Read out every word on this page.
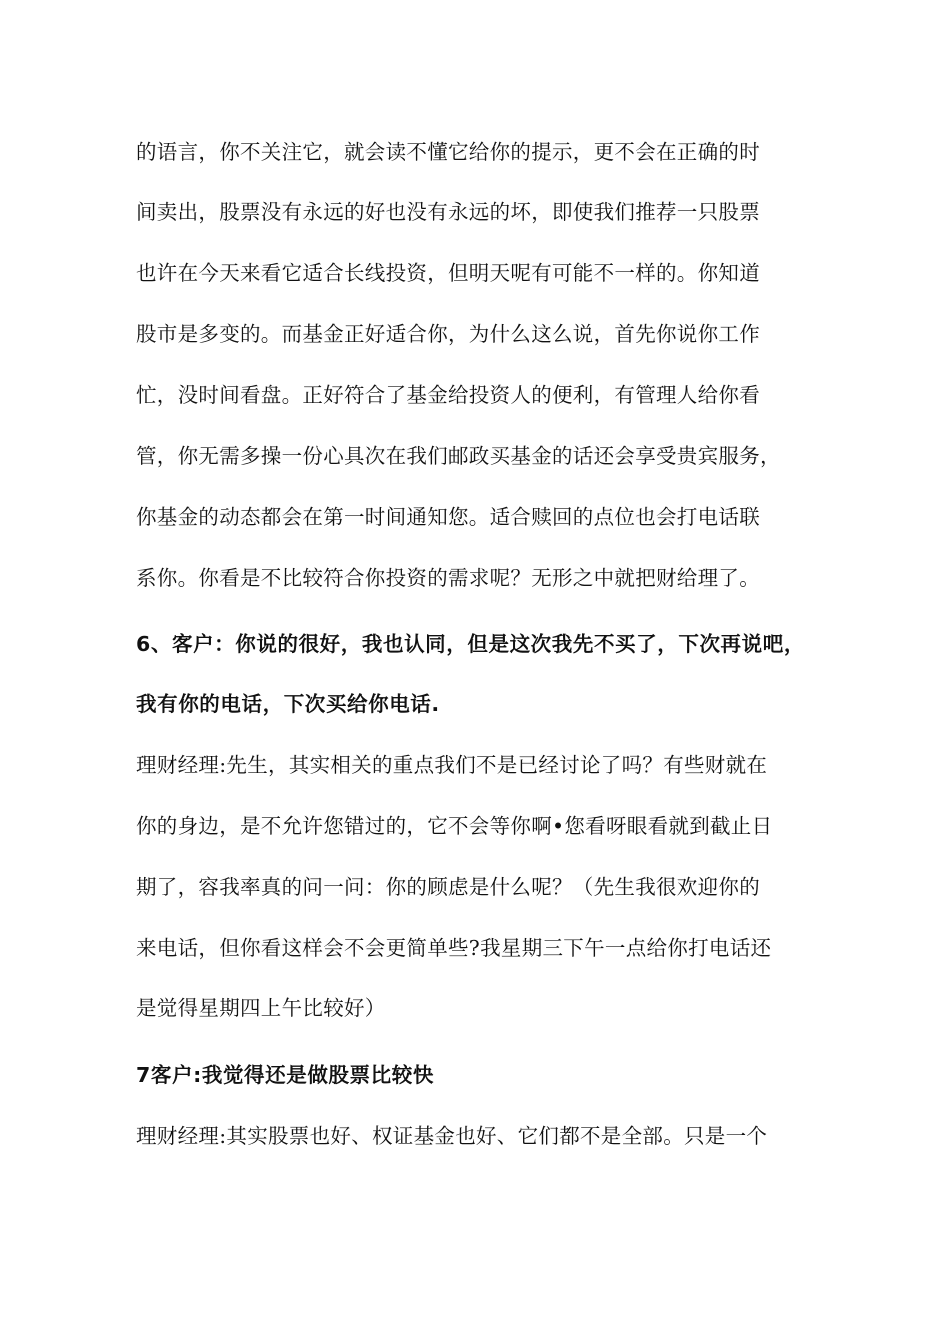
的语言，你不关注它，就会读不懂它给你的提示，更不会在正确的时
间卖出，股票没有永远的好也没有永远的坏，即使我们推荐一只股票
也许在今天来看它适合长线投资，但明天呢有可能不一样的。你知道
股市是多变的。而基金正好适合你，为什么这么说，首先你说你工作
忙，没时间看盘。正好符合了基金给投资人的便利，有管理人给你看
管，你无需多操一份心具次在我们邮政买基金的话还会享受贵宾服务，
你基金的动态都会在第一时间通知您。适合赎回的点位也会打电话联
系你。你看是不比较符合你投资的需求呢？无形之中就把财给理了。
6、客户：你说的很好，我也认同，但是这次我先不买了，下次再说吧，
我有你的电话，下次买给你电话.
理财经理:先生，其实相关的重点我们不是已经讨论了吗？有些财就在
你的身边，是不允许您错过的，它不会等你啊•您看呀眼看就到截止日
期了，容我率真的问一问：你的顾虑是什么呢？（先生我很欢迎你的
来电话，但你看这样会不会更简单些?我星期三下午一点给你打电话还
是觉得星期四上午比较好）
7客户:我觉得还是做股票比较快
理财经理:其实股票也好、权证基金也好、它们都不是全部。只是一个
